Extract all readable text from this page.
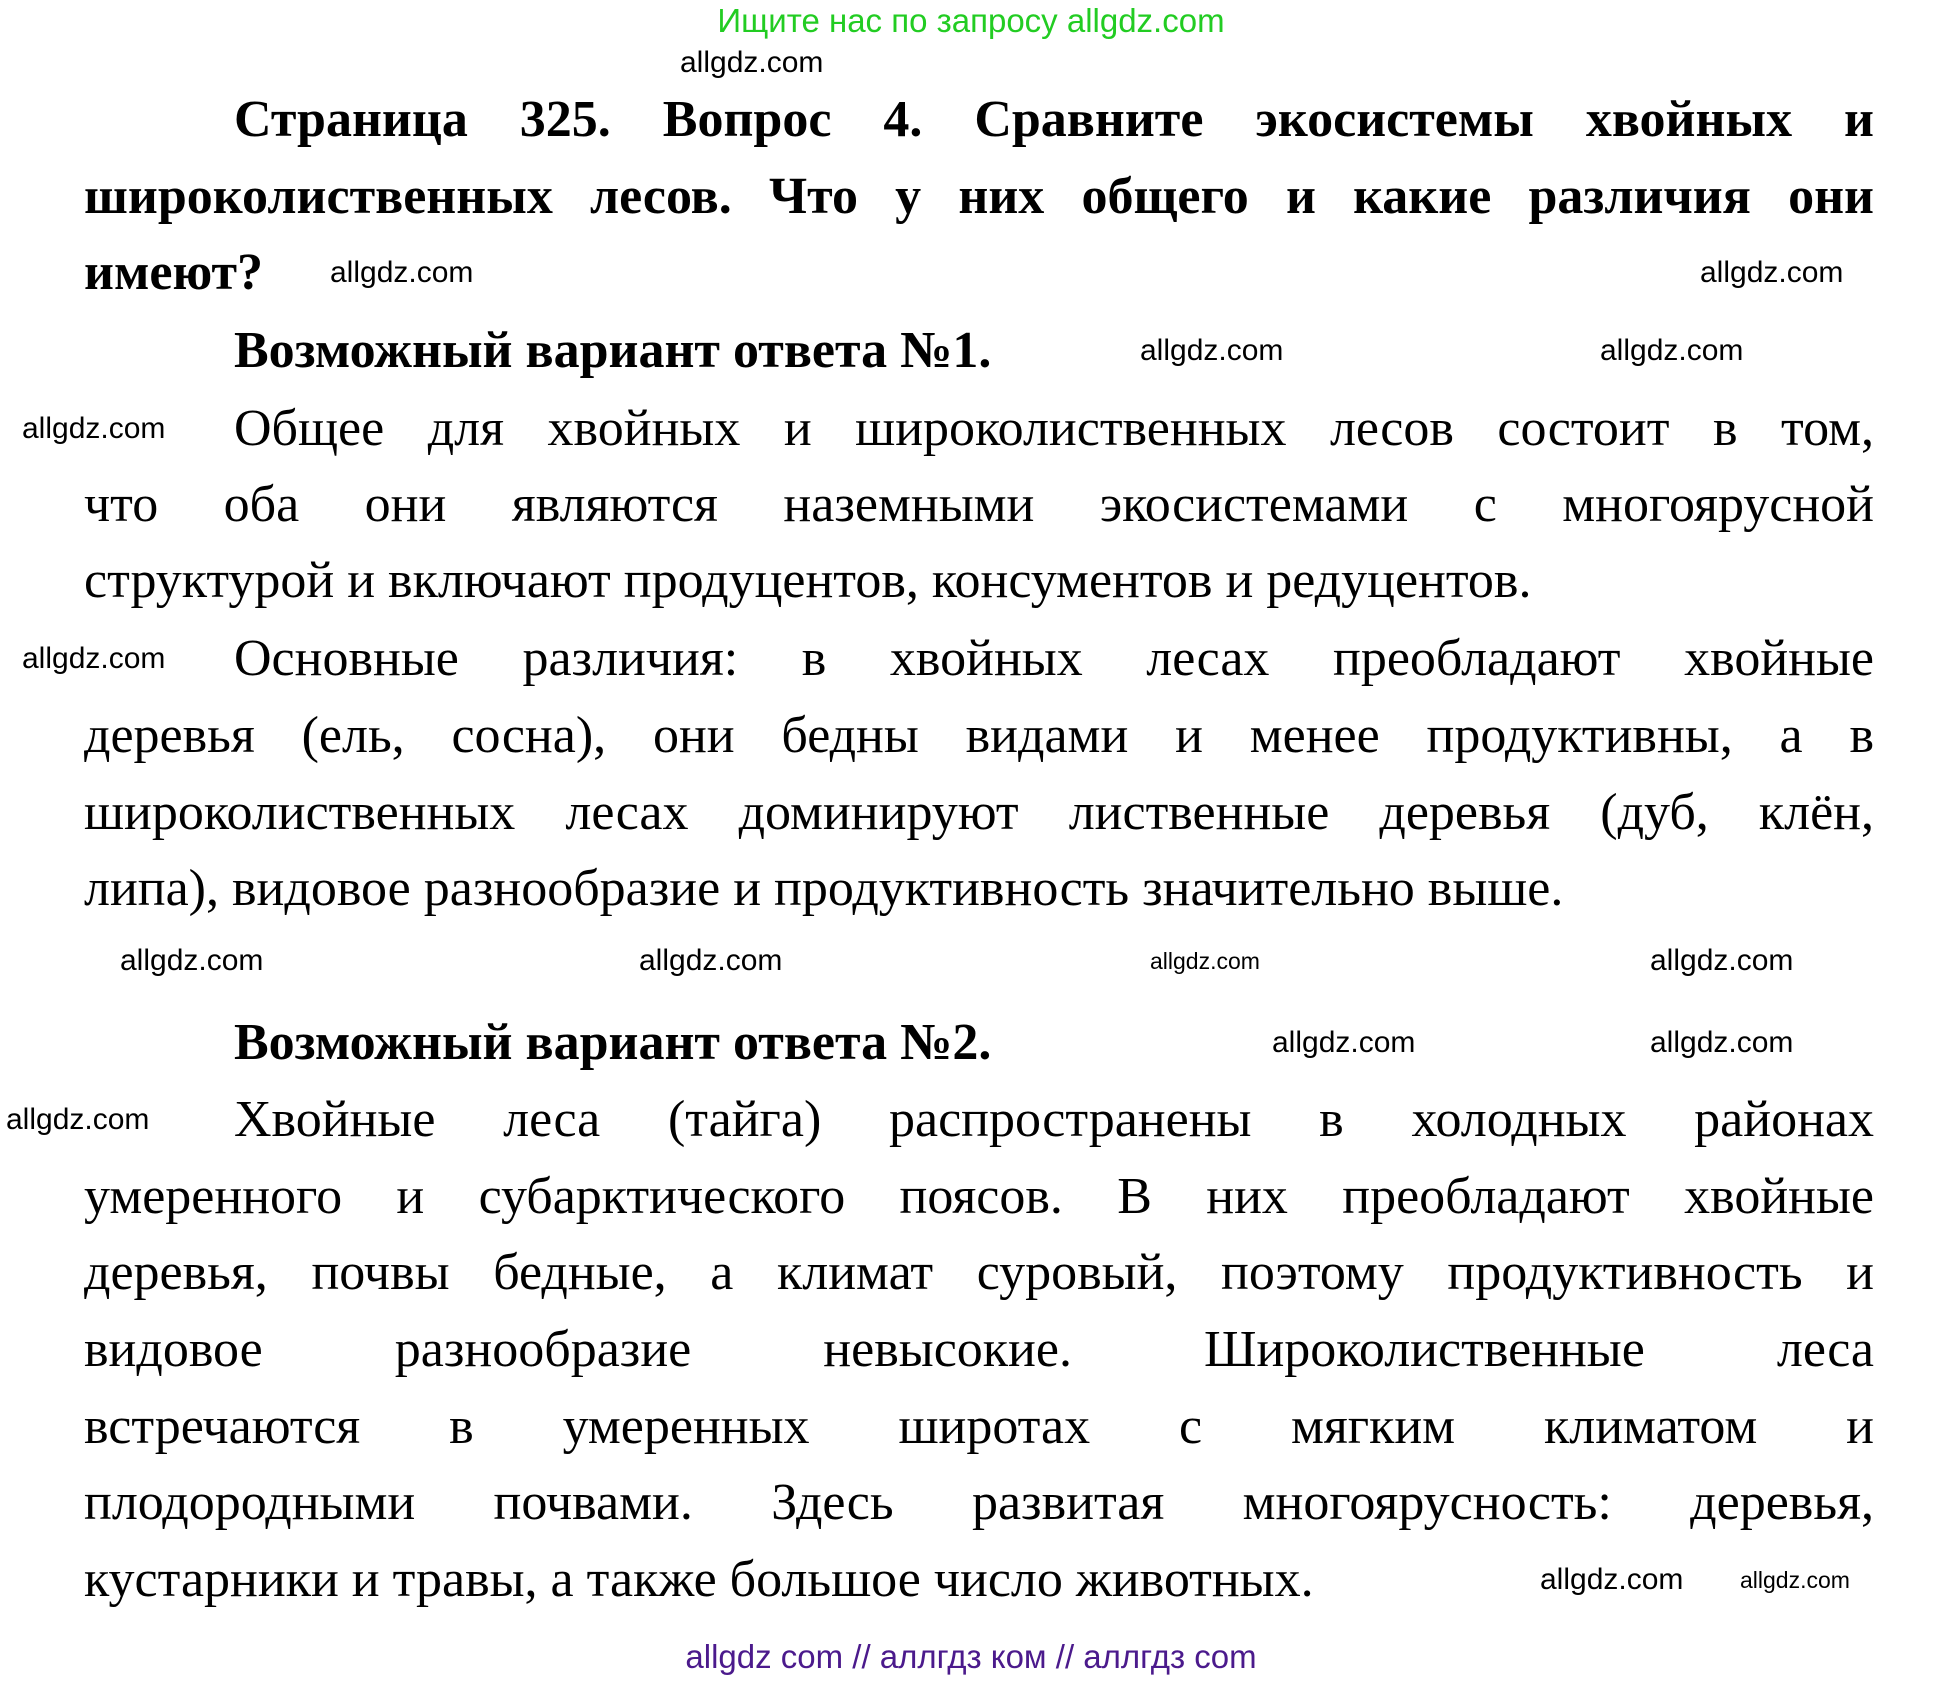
Ищите нас по запросу allgdz.com
Страница 325. Вопрос 4. Сравните экосистемы хвойных и
широколиственных лесов. Что у них общего и какие различия они
имеют?
Возможный вариант ответа №1.
Общее для хвойных и широколиственных лесов состоит в том,
что оба они являются наземными экосистемами с многоярусной
структурой и включают продуцентов, консументов и редуцентов.
Основные различия: в хвойных лесах преобладают хвойные
деревья (ель, сосна), они бедны видами и менее продуктивны, а в
широколиственных лесах доминируют лиственные деревья (дуб, клён,
липа), видовое разнообразие и продуктивность значительно выше.
Возможный вариант ответа №2.
Хвойные леса (тайга) распространены в холодных районах
умеренного и субарктического поясов. В них преобладают хвойные
деревья, почвы бедные, а климат суровый, поэтому продуктивность и
видовое разнообразие невысокие. Широколиственные леса
встречаются в умеренных широтах с мягким климатом и
плодородными почвами. Здесь развитая многоярусность: деревья,
кустарники и травы, а также большое число животных.
allgdz.com
allgdz.com
allgdz.com
allgdz.com	allgdz.com
allgdz.com
allgdz.com
allgdz.com	allgdz.com	allgdz.com	allgdz.com
allgdz.com	allgdz.com
allgdz.com
allgdz.com allgdz.com
allgdz com // аллгдз ком // аллгдз com
